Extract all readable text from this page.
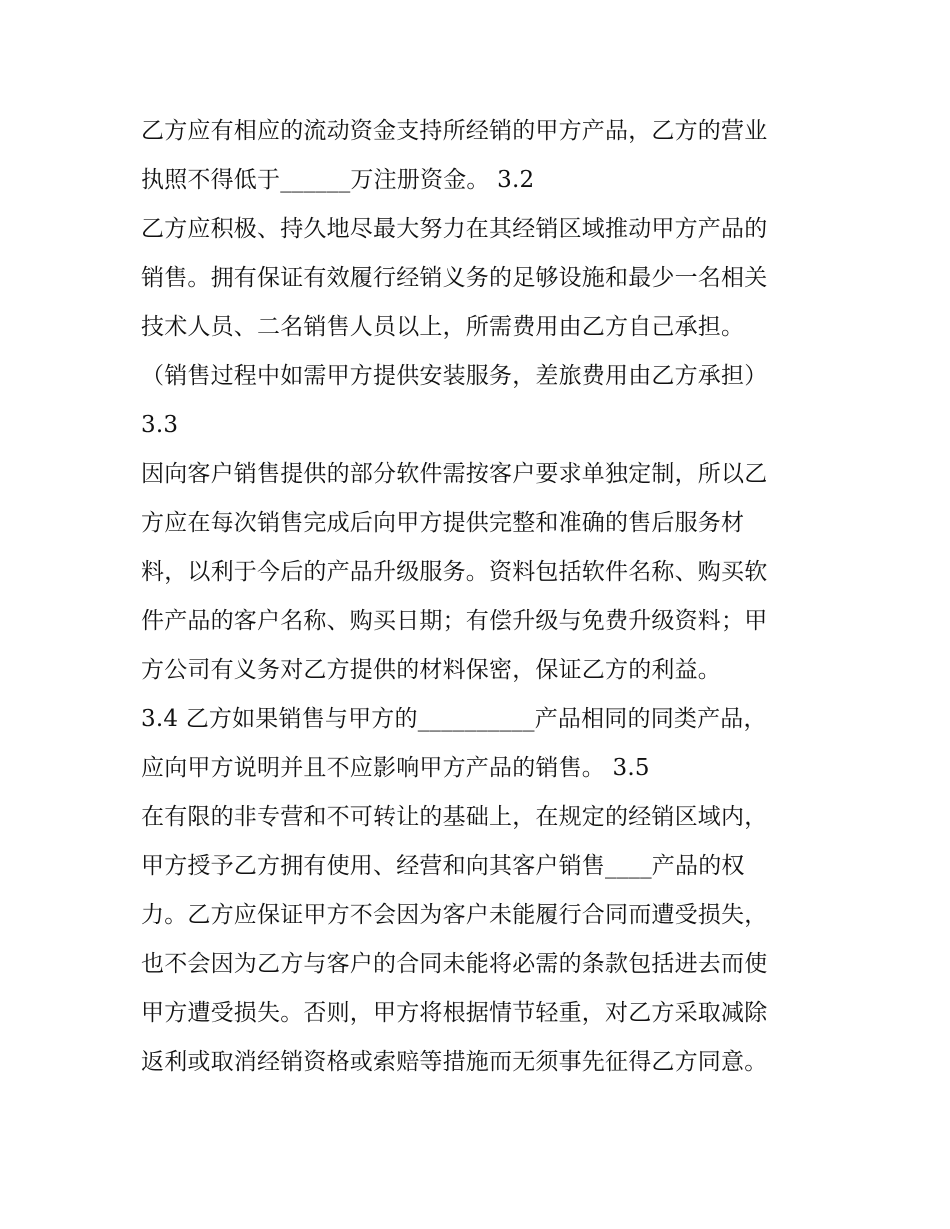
乙方应有相应的流动资金支持所经销的甲方产品，乙方的营业
执照不得低于______万注册资金。 3.2
乙方应积极、持久地尽最大努力在其经销区域推动甲方产品的
销售。拥有保证有效履行经销义务的足够设施和最少一名相关
技术人员、二名销售人员以上，所需费用由乙方自己承担。
（销售过程中如需甲方提供安装服务，差旅费用由乙方承担）
3.3
因向客户销售提供的部分软件需按客户要求单独定制，所以乙
方应在每次销售完成后向甲方提供完整和准确的售后服务材
料，以利于今后的产品升级服务。资料包括软件名称、购买软
件产品的客户名称、购买日期；有偿升级与免费升级资料；甲
方公司有义务对乙方提供的材料保密，保证乙方的利益。
3.4 乙方如果销售与甲方的__________产品相同的同类产品，
应向甲方说明并且不应影响甲方产品的销售。 3.5
在有限的非专营和不可转让的基础上，在规定的经销区域内，
甲方授予乙方拥有使用、经营和向其客户销售____产品的权
力。乙方应保证甲方不会因为客户未能履行合同而遭受损失，
也不会因为乙方与客户的合同未能将必需的条款包括进去而使
甲方遭受损失。否则，甲方将根据情节轻重，对乙方采取减除
返利或取消经销资格或索赔等措施而无须事先征得乙方同意。
